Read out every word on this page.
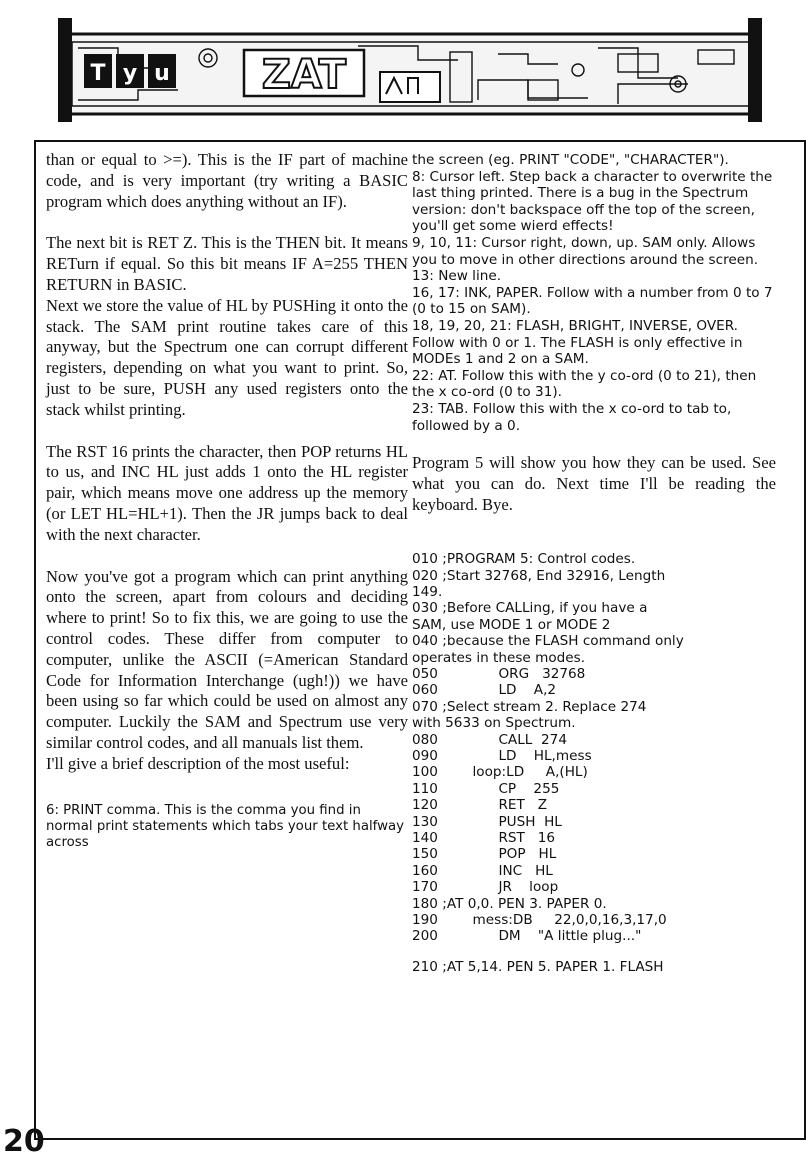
T y u ZAT

than or equal to >=). This is the IF part of machine code, and is very important (try writing a BASIC program which does anything without an IF).

The next bit is RET Z. This is the THEN bit. It means RETurn if equal. So this bit means IF A=255 THEN RETURN in BASIC.

Next we store the value of HL by PUSHing it onto the stack. The SAM print routine takes care of this anyway, but the Spectrum one can corrupt different registers, depending on what you want to print. So, just to be sure, PUSH any used registers onto the stack whilst printing.

The RST 16 prints the character, then POP returns HL to us, and INC HL just adds 1 onto the HL register pair, which means move one address up the memory (or LET HL=HL+1). Then the JR jumps back to deal with the next character.

Now you've got a program which can print anything onto the screen, apart from colours and deciding where to print! So to fix this, we are going to use the control codes. These differ from computer to computer, unlike the ASCII (=American Standard Code for Information Interchange (ugh!)) we have been using so far which could be used on almost any computer. Luckily the SAM and Spectrum use very similar control codes, and all manuals list them.

I'll give a brief description of the most useful:

6: PRINT comma. This is the comma you find in normal print statements which tabs your text halfway across

the screen (eg. PRINT "CODE", "CHARACTER").

8: Cursor left. Step back a character to overwrite the last thing printed. There is a bug in the Spectrum version: don't backspace off the top of the screen, you'll get some wierd effects!

9, 10, 11: Cursor right, down, up. SAM only. Allows you to move in other directions around the screen.

13: New line.

16, 17: INK, PAPER. Follow with a number from 0 to 7 (0 to 15 on SAM).

18, 19, 20, 21: FLASH, BRIGHT, INVERSE, OVER. Follow with 0 or 1. The FLASH is only effective in MODEs 1 and 2 on a SAM.

22: AT. Follow this with the y co-ord (0 to 21), then the x co-ord (0 to 31).

23: TAB. Follow this with the x co-ord to tab to, followed by a 0.

Program 5 will show you how they can be used. See what you can do. Next time I'll be reading the keyboard. Bye.

010 ;PROGRAM 5: Control codes.

020 ;Start 32768, End 32916, Length

149.

030 ;Before CALLing, if you have a

SAM, use MODE 1 or MODE 2

040 ;because the FLASH command only

operates in these modes.

050              ORG   32768

060              LD    A,2

070 ;Select stream 2. Replace 274

with 5633 on Spectrum.

080              CALL  274

090              LD    HL,mess

100        loop:LD     A,(HL)

110              CP    255

120              RET   Z

130              PUSH  HL

140              RST   16

150              POP   HL

160              INC   HL

170              JR    loop

180 ;AT 0,0. PEN 3. PAPER 0.

190        mess:DB     22,0,0,16,3,17,0

200              DM    "A little plug..."

210 ;AT 5,14. PEN 5. PAPER 1. FLASH

20
